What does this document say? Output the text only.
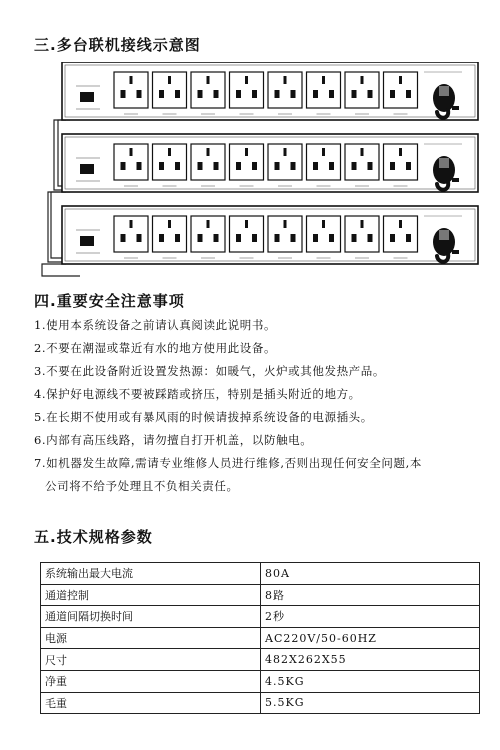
三.多台联机接线示意图
四.重要安全注意事项
1.使用本系统设备之前请认真阅读此说明书。
2.不要在潮湿或靠近有水的地方使用此设备。
3.不要在此设备附近设置发热源：如暖气，火炉或其他发热产品。
4.保护好电源线不要被踩踏或挤压，特别是插头附近的地方。
5.在长期不使用或有暴风雨的时候请拔掉系统设备的电源插头。
6.内部有高压线路，请勿擅自打开机盖，以防触电。
7.如机器发生故障,需请专业维修人员进行维修,否则出现任何安全问题,本
公司将不给予处理且不负相关责任。
五.技术规格参数
系统输出最大电流	80A
通道控制	8路
通道间隔切换时间	2秒
电源	AC220V/50-60HZ
尺寸	482X262X55
净重	4.5KG
毛重	5.5KG
